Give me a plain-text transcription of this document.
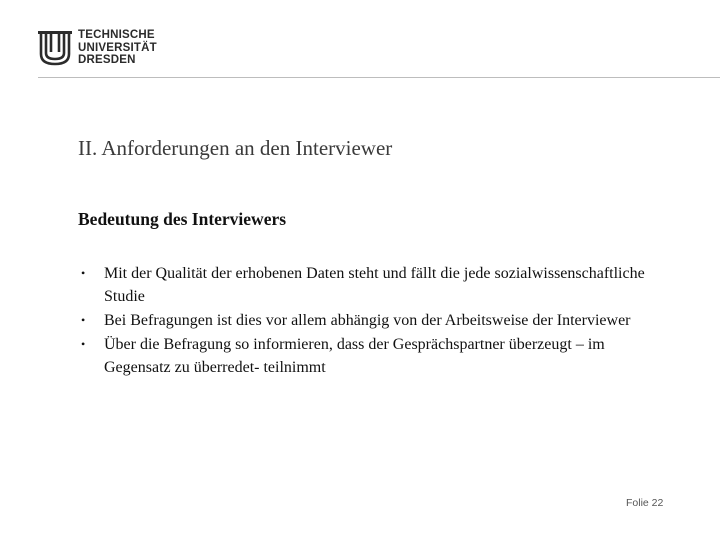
TECHNISCHE
UNIVERSITÄT
DRESDEN
II. Anforderungen an den Interviewer
Bedeutung des Interviewers
• Mit der Qualität der erhobenen Daten steht und fällt die jede sozialwissenschaftliche Studie
• Bei Befragungen ist dies vor allem abhängig von der Arbeitsweise der Interviewer
• Über die Befragung so informieren, dass der Gesprächspartner überzeugt – im Gegensatz zu überredet- teilnimmt
Folie 22
